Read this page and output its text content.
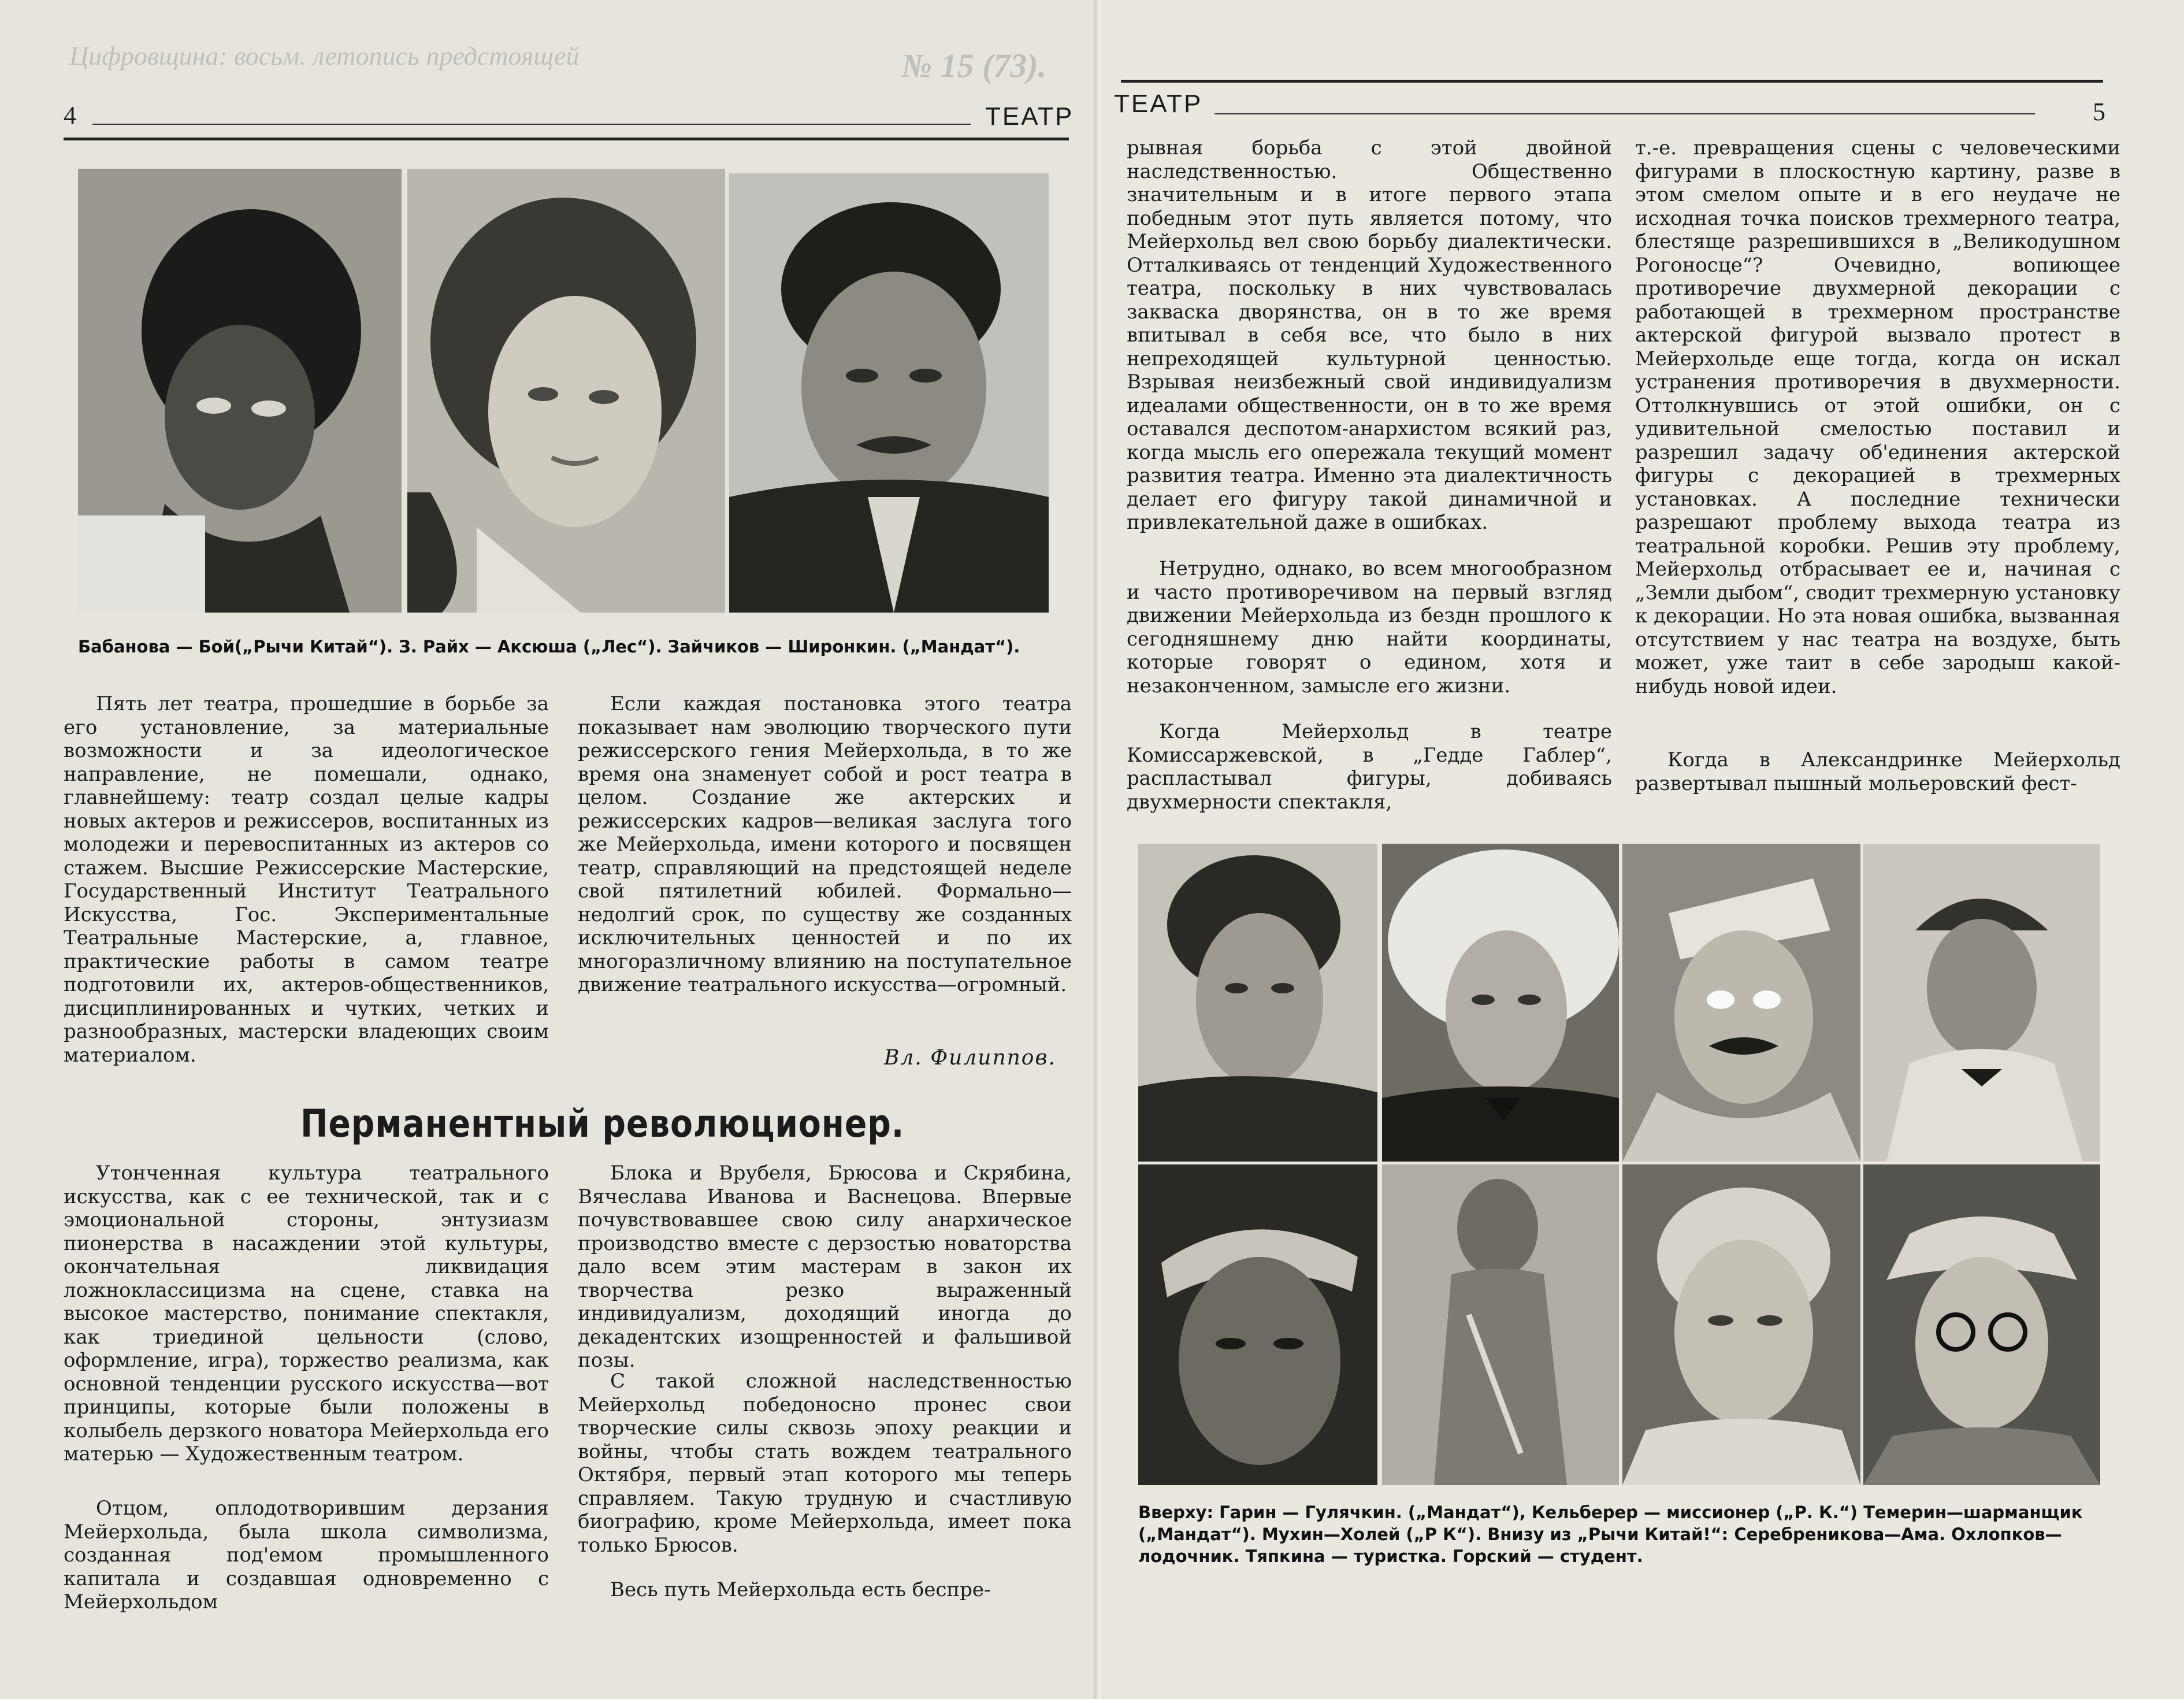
Цифровщина: восьм. летопись предстоящей	№ 15 (73).
4	ТЕАТР
Бабанова — Бой(„Рычи Китай“). З. Райх — Аксюша („Лес“). Зайчиков — Широнкин. („Мандат“).
Пять лет театра, прошедшие в борьбе за его установление, за материальные возможности и за идеологическое направление, не помешали, однако, главнейшему: театр создал целые кадры новых актеров и режиссеров, воспитанных из молодежи и перевоспитанных из актеров со стажем. Высшие Режиссерские Мастерские, Государственный Институт Театрального Искусства, Гос. Экспериментальные Театральные Мастерские, а, главное, практические работы в самом театре подготовили их, актеров-общественников, дисциплинированных и чутких, четких и разнообразных, мастерски владеющих своим материалом.
Если каждая постановка этого театра показывает нам эволюцию творческого пути режиссерского гения Мейерхольда, в то же время она знаменует собой и рост театра в целом. Создание же актерских и режиссерских кадров—великая заслуга того же Мейерхольда, имени которого и посвящен театр, справляющий на предстоящей неделе свой пятилетний юбилей. Формально—недолгий срок, по существу же созданных исключительных ценностей и по их многоразличному влиянию на поступательное движение театрального искусства—огромный.
Вл. Филиппов.
Перманентный революционер.
Утонченная культура театрального искусства, как с ее технической, так и с эмоциональной стороны, энтузиазм пионерства в насаждении этой культуры, окончательная ликвидация ложноклассицизма на сцене, ставка на высокое мастерство, понимание спектакля, как триединой цельности (слово, оформление, игра), торжество реализма, как основной тенденции русского искусства—вот принципы, которые были положены в колыбель дерзкого новатора Мейерхольда его матерью — Художественным театром.
Отцом, оплодотворившим дерзания Мейерхольда, была школа символизма, созданная под'емом промышленного капитала и создавшая одновременно с Мейерхольдом
Блока и Врубеля, Брюсова и Скрябина, Вячеслава Иванова и Васнецова. Впервые почувствовавшее свою силу анархическое производство вместе с дерзостью новаторства дало всем этим мастерам в закон их творчества резко выраженный индивидуализм, доходящий иногда до декадентских изощренностей и фальшивой позы.
С такой сложной наследственностью Мейерхольд победоносно пронес свои творческие силы сквозь эпоху реакции и войны, чтобы стать вождем театрального Октября, первый этап которого мы теперь справляем. Такую трудную и счастливую биографию, кроме Мейерхольда, имеет пока только Брюсов.
Весь путь Мейерхольда есть беспре-
ТЕАТР	5
рывная борьба с этой двойной наследственностью. Общественно значительным и в итоге первого этапа победным этот путь является потому, что Мейерхольд вел свою борьбу диалектически. Отталкиваясь от тенденций Художественного театра, поскольку в них чувствовалась закваска дворянства, он в то же время впитывал в себя все, что было в них непреходящей культурной ценностью. Взрывая неизбежный свой индивидуализм идеалами общественности, он в то же время оставался деспотом-анархистом всякий раз, когда мысль его опережала текущий момент развития театра. Именно эта диалектичность делает его фигуру такой динамичной и привлекательной даже в ошибках.
Нетрудно, однако, во всем многообразном и часто противоречивом на первый взгляд движении Мейерхольда из бездн прошлого к сегодняшнему дню найти координаты, которые говорят о едином, хотя и незаконченном, замысле его жизни.
Когда Мейерхольд в театре Комиссаржевской, в „Гедде Габлер“, распластывал фигуры, добиваясь двухмерности спектакля,
т.-е. превращения сцены с человеческими фигурами в плоскостную картину, разве в этом смелом опыте и в его неудаче не исходная точка поисков трехмерного театра, блестяще разрешившихся в „Великодушном Рогоносце“? Очевидно, вопиющее противоречие двухмерной декорации с работающей в трехмерном пространстве актерской фигурой вызвало протест в Мейерхольде еще тогда, когда он искал устранения противоречия в двухмерности. Оттолкнувшись от этой ошибки, он с удивительной смелостью поставил и разрешил задачу об'единения актерской фигуры с декорацией в трехмерных установках. А последние технически разрешают проблему выхода театра из театральной коробки. Решив эту проблему, Мейерхольд отбрасывает ее и, начиная с „Земли дыбом“, сводит трехмерную установку к декорации. Но эта новая ошибка, вызванная отсутствием у нас театра на воздухе, быть может, уже таит в себе зародыш какой-нибудь новой идеи.
Когда в Александринке Мейерхольд развертывал пышный мольеровский фест-
Вверху: Гарин — Гулячкин. („Мандат“), Кельберер — миссионер („Р. К.“) Темерин—шарманщик („Мандат“). Мухин—Холей („Р К“). Внизу из „Рычи Китай!“: Серебреникова—Ама. Охлопков—лодочник. Тяпкина — туристка. Горский — студент.
